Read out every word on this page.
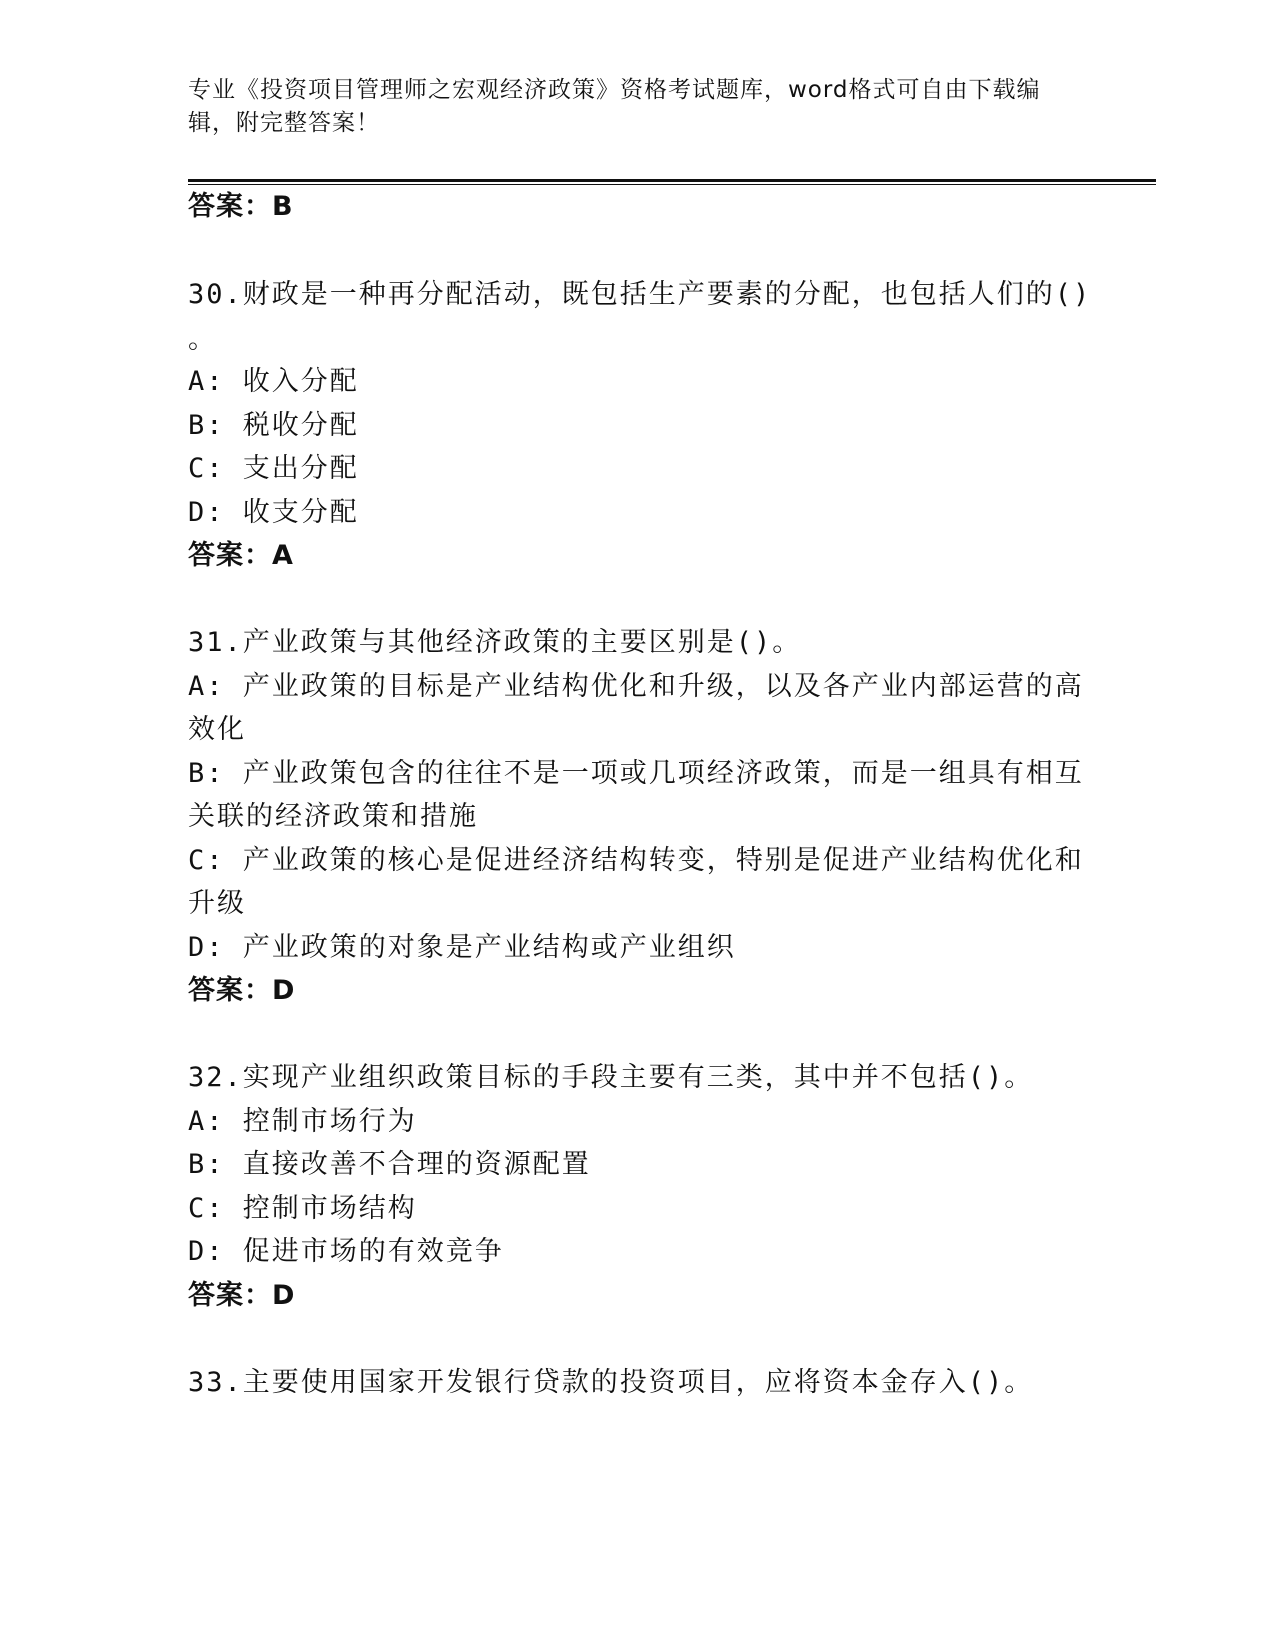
专业《投资项目管理师之宏观经济政策》资格考试题库，word格式可自由下载编
辑，附完整答案！
答案：B
30.财政是一种再分配活动，既包括生产要素的分配，也包括人们的()
。
A: 收入分配
B: 税收分配
C: 支出分配
D: 收支分配
答案：A
31.产业政策与其他经济政策的主要区别是()。
A: 产业政策的目标是产业结构优化和升级，以及各产业内部运营的高
效化
B: 产业政策包含的往往不是一项或几项经济政策，而是一组具有相互
关联的经济政策和措施
C: 产业政策的核心是促进经济结构转变，特别是促进产业结构优化和
升级
D: 产业政策的对象是产业结构或产业组织
答案：D
32.实现产业组织政策目标的手段主要有三类，其中并不包括()。
A: 控制市场行为
B: 直接改善不合理的资源配置
C: 控制市场结构
D: 促进市场的有效竞争
答案：D
33.主要使用国家开发银行贷款的投资项目，应将资本金存入()。
